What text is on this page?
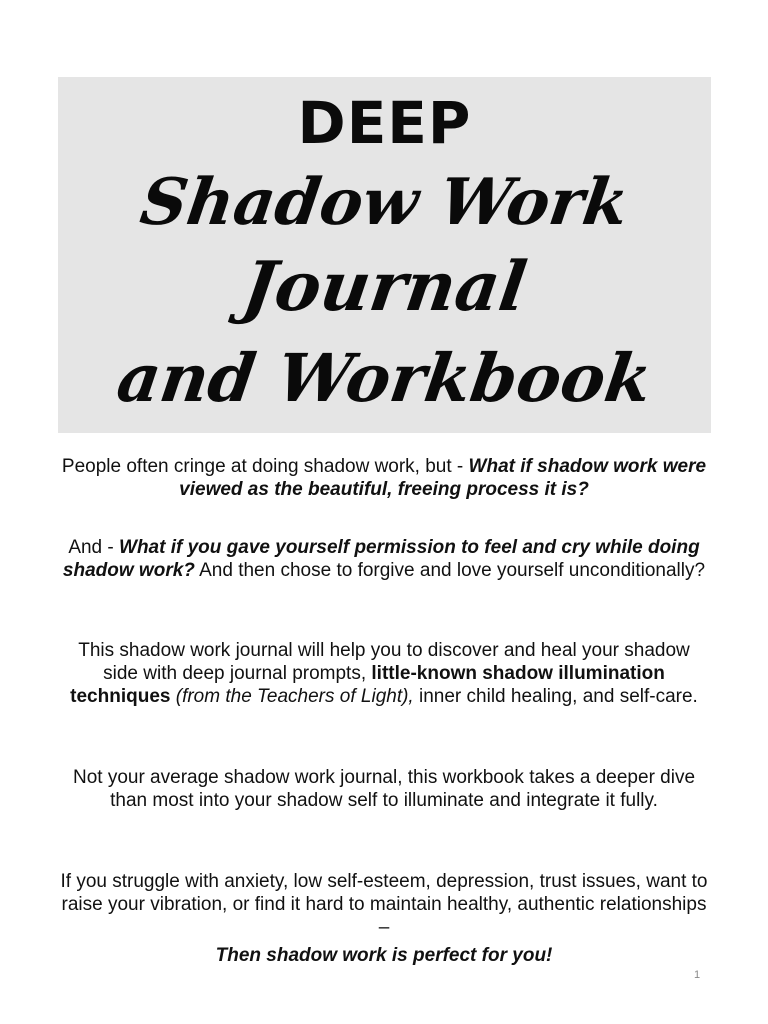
DEEP
Shadow Work
Journal
and Workbook
People often cringe at doing shadow work, but - What if shadow work were viewed as the beautiful, freeing process it is?
And - What if you gave yourself permission to feel and cry while doing shadow work? And then chose to forgive and love yourself unconditionally?
This shadow work journal will help you to discover and heal your shadow side with deep journal prompts, little-known shadow illumination techniques (from the Teachers of Light), inner child healing, and self-care.
Not your average shadow work journal, this workbook takes a deeper dive than most into your shadow self to illuminate and integrate it fully.
If you struggle with anxiety, low self-esteem, depression, trust issues, want to raise your vibration, or find it hard to maintain healthy, authentic relationships –
Then shadow work is perfect for you!
1
